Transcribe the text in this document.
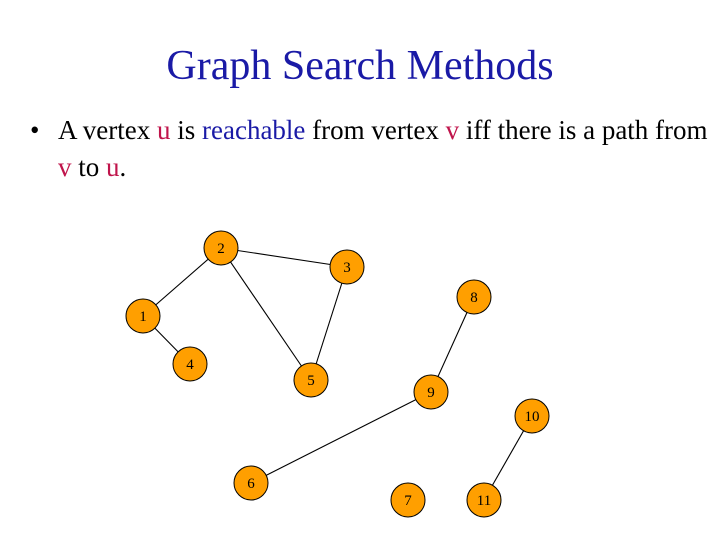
Graph Search Methods
• A vertex u is reachable from vertex v iff there is a path from v to u.
1
2
3
4
5
6
7
8
9
10
11
